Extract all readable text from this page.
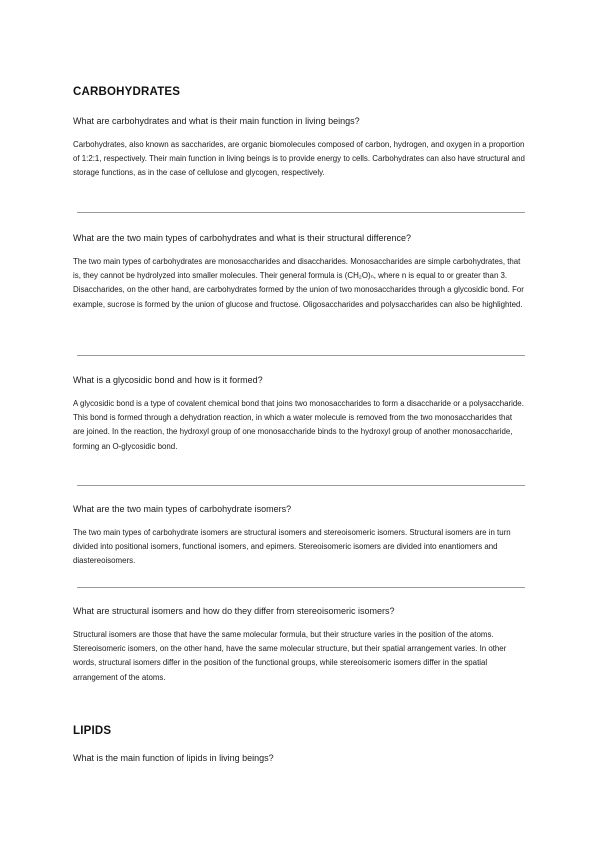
CARBOHYDRATES

What are carbohydrates and what is their main function in living beings?

Carbohydrates, also known as saccharides, are organic biomolecules composed of carbon, hydrogen, and oxygen in a proportion of 1:2:1, respectively. Their main function in living beings is to provide energy to cells. Carbohydrates can also have structural and storage functions, as in the case of cellulose and glycogen, respectively.

What are the two main types of carbohydrates and what is their structural difference?

The two main types of carbohydrates are monosaccharides and disaccharides. Monosaccharides are simple carbohydrates, that is, they cannot be hydrolyzed into smaller molecules. Their general formula is (CH₂O)ₙ, where n is equal to or greater than 3. Disaccharides, on the other hand, are carbohydrates formed by the union of two monosaccharides through a glycosidic bond. For example, sucrose is formed by the union of glucose and fructose. Oligosaccharides and polysaccharides can also be highlighted.

What is a glycosidic bond and how is it formed?

A glycosidic bond is a type of covalent chemical bond that joins two monosaccharides to form a disaccharide or a polysaccharide. This bond is formed through a dehydration reaction, in which a water molecule is removed from the two monosaccharides that are joined. In the reaction, the hydroxyl group of one monosaccharide binds to the hydroxyl group of another monosaccharide, forming an O-glycosidic bond.

What are the two main types of carbohydrate isomers?

The two main types of carbohydrate isomers are structural isomers and stereoisomeric isomers. Structural isomers are in turn divided into positional isomers, functional isomers, and epimers. Stereoisomeric isomers are divided into enantiomers and diastereoisomers.

What are structural isomers and how do they differ from stereoisomeric isomers?

Structural isomers are those that have the same molecular formula, but their structure varies in the position of the atoms. Stereoisomeric isomers, on the other hand, have the same molecular structure, but their spatial arrangement varies. In other words, structural isomers differ in the position of the functional groups, while stereoisomeric isomers differ in the spatial arrangement of the atoms.

LIPIDS

What is the main function of lipids in living beings?
